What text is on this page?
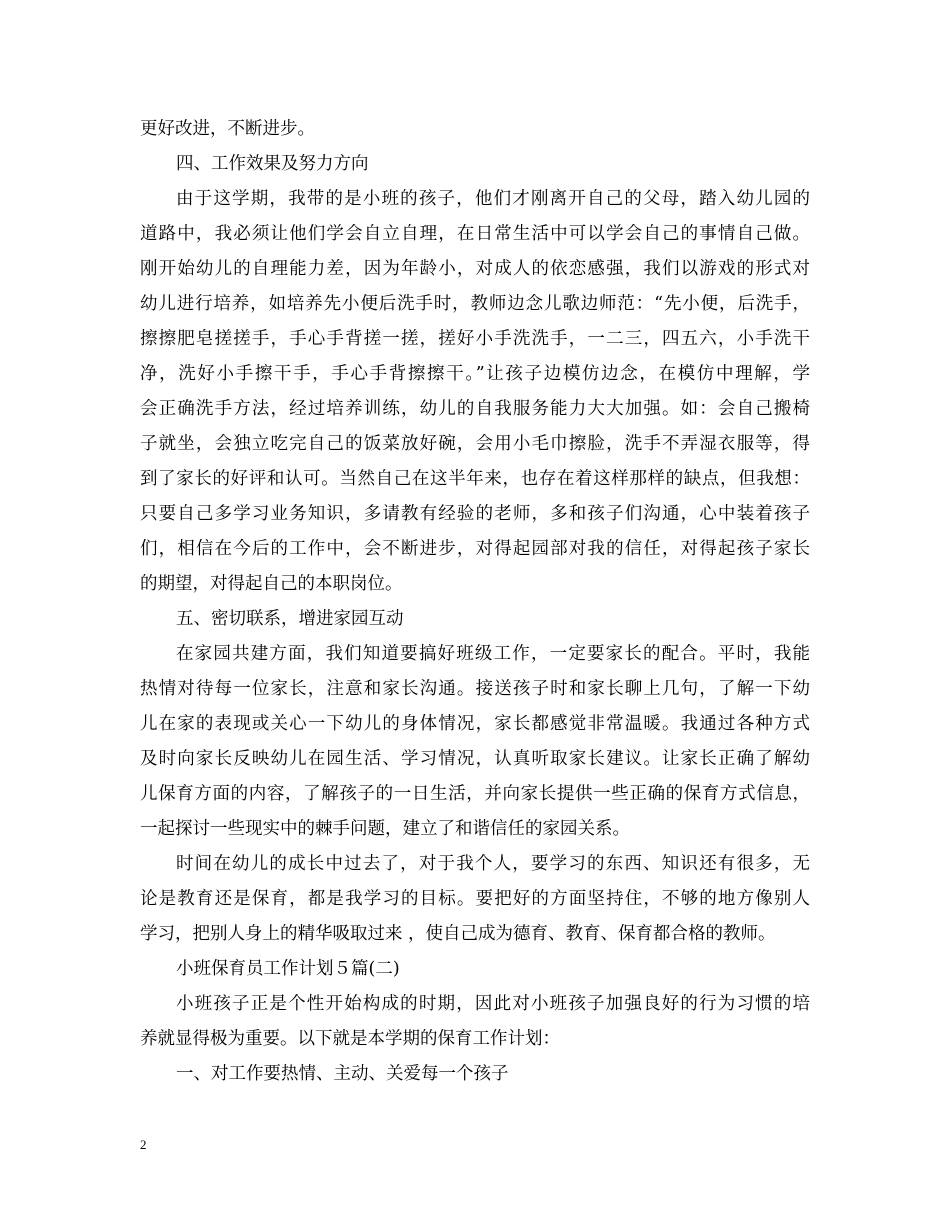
更好改进，不断进步。
四、工作效果及努力方向
由于这学期，我带的是小班的孩子，他们才刚离开自己的父母，踏入幼儿园的
道路中，我必须让他们学会自立自理，在日常生活中可以学会自己的事情自己做。
刚开始幼儿的自理能力差，因为年龄小，对成人的依恋感强，我们以游戏的形式对
幼儿进行培养，如培养先小便后洗手时，教师边念儿歌边师范：“先小便，后洗手，
擦擦肥皂搓搓手，手心手背搓一搓，搓好小手洗洗手，一二三，四五六，小手洗干
净，洗好小手擦干手，手心手背擦擦干。”让孩子边模仿边念，在模仿中理解，学
会正确洗手方法，经过培养训练，幼儿的自我服务能力大大加强。如：会自己搬椅
子就坐，会独立吃完自己的饭菜放好碗，会用小毛巾擦脸，洗手不弄湿衣服等，得
到了家长的好评和认可。当然自己在这半年来，也存在着这样那样的缺点，但我想：
只要自己多学习业务知识，多请教有经验的老师，多和孩子们沟通，心中装着孩子
们，相信在今后的工作中，会不断进步，对得起园部对我的信任，对得起孩子家长
的期望，对得起自己的本职岗位。
五、密切联系，增进家园互动
在家园共建方面，我们知道要搞好班级工作，一定要家长的配合。平时，我能
热情对待每一位家长，注意和家长沟通。接送孩子时和家长聊上几句，了解一下幼
儿在家的表现或关心一下幼儿的身体情况，家长都感觉非常温暖。我通过各种方式
及时向家长反映幼儿在园生活、学习情况，认真听取家长建议。让家长正确了解幼
儿保育方面的内容，了解孩子的一日生活，并向家长提供一些正确的保育方式信息，
一起探讨一些现实中的棘手问题，建立了和谐信任的家园关系。
时间在幼儿的成长中过去了，对于我个人，要学习的东西、知识还有很多，无
论是教育还是保育，都是我学习的目标。要把好的方面坚持住，不够的地方像别人
学习，把别人身上的精华吸取过来 ，使自己成为德育、教育、保育都合格的教师。
小班保育员工作计划５篇(二)
小班孩子正是个性开始构成的时期，因此对小班孩子加强良好的行为习惯的培
养就显得极为重要。以下就是本学期的保育工作计划：
一、对工作要热情、主动、关爱每一个孩子
2
